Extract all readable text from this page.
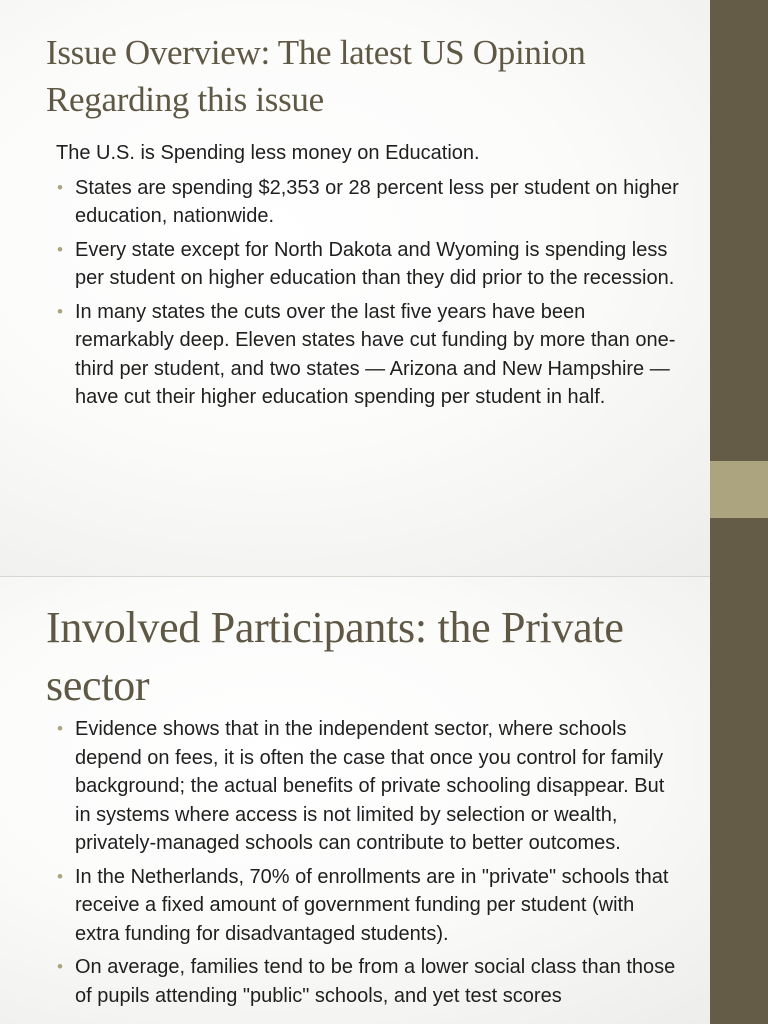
Issue Overview: The latest US Opinion Regarding this issue

The U.S. is Spending less money on Education.

• States are spending $2,353 or 28 percent less per student on higher education, nationwide.
• Every state except for North Dakota and Wyoming is spending less per student on higher education than they did prior to the recession.
• In many states the cuts over the last five years have been remarkably deep. Eleven states have cut funding by more than one-third per student, and two states — Arizona and New Hampshire — have cut their higher education spending per student in half.
Involved Participants: the Private sector
• Evidence shows that in the independent sector, where schools depend on fees, it is often the case that once you control for family background; the actual benefits of private schooling disappear. But in systems where access is not limited by selection or wealth, privately-managed schools can contribute to better outcomes.
• In the Netherlands, 70% of enrollments are in "private" schools that receive a fixed amount of government funding per student (with extra funding for disadvantaged students).
• On average, families tend to be from a lower social class than those of pupils attending "public" schools, and yet test scores
